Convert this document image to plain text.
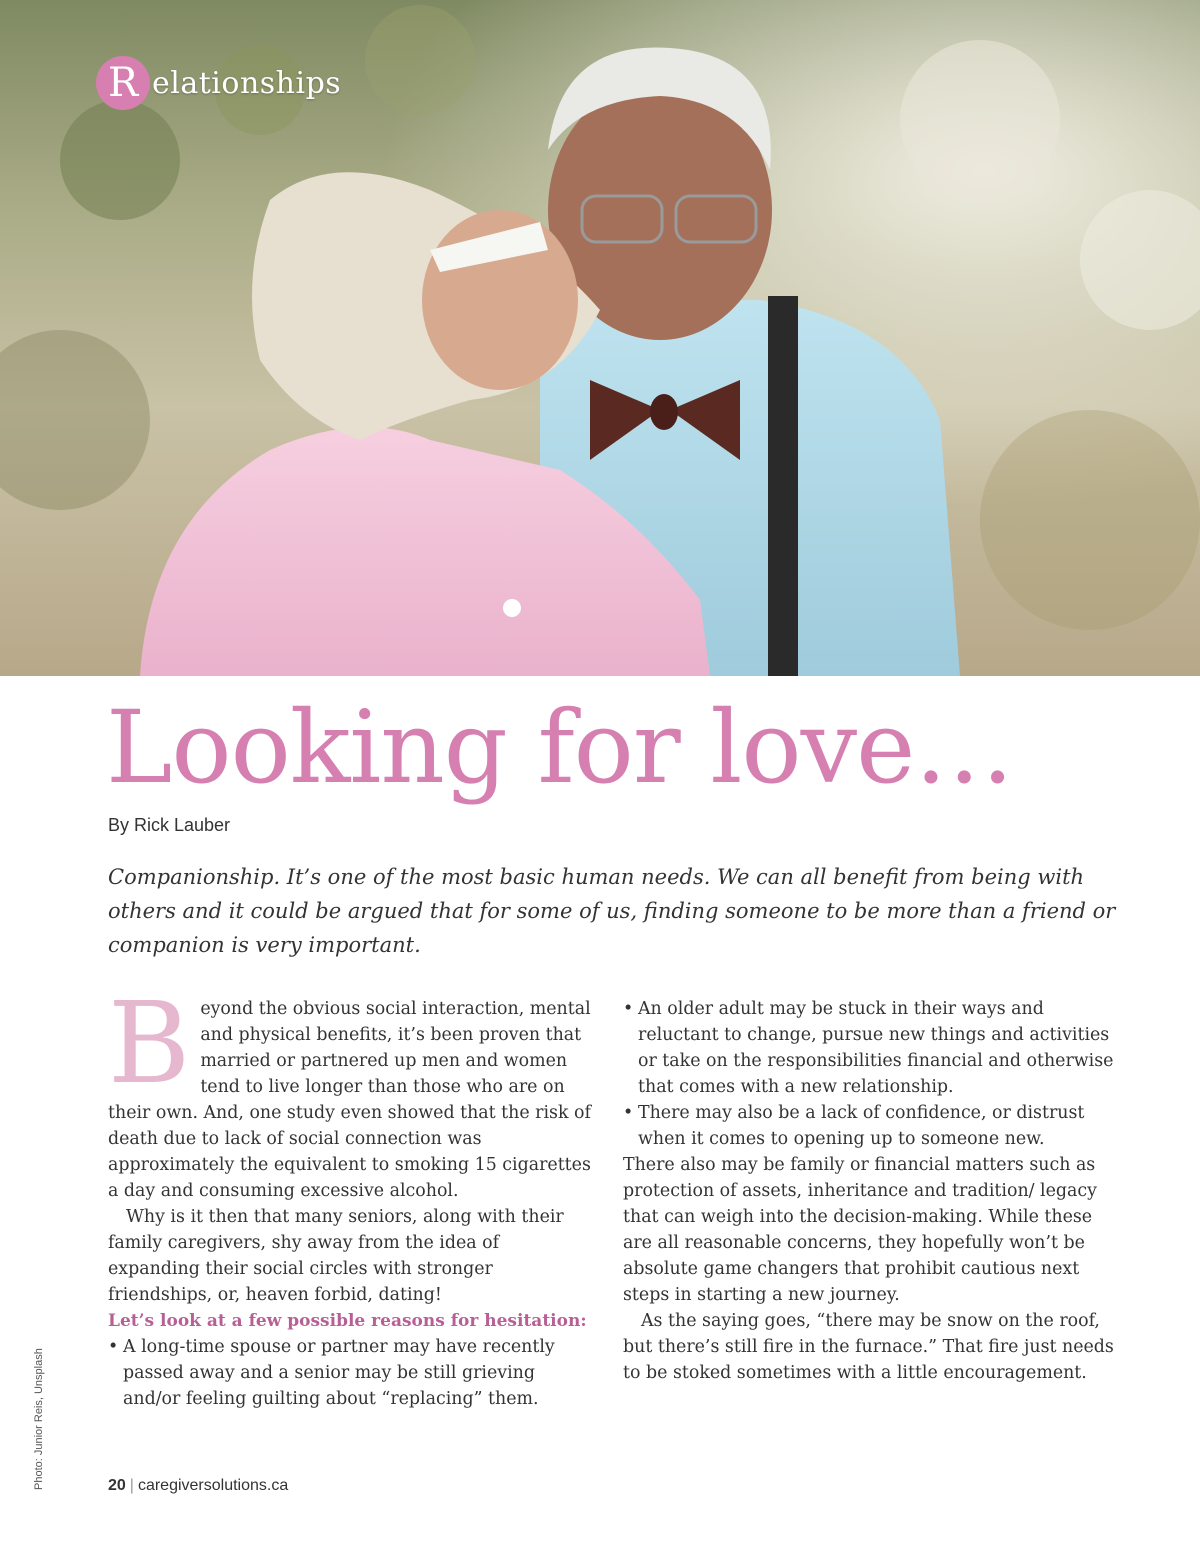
R elationships
Looking for love…
By Rick Lauber

Companionship. It’s one of the most basic human needs. We can all benefit from being with others and it could be argued that for some of us, finding someone to be more than a friend or companion is very important.

Beyond the obvious social interaction, mental and physical benefits, it’s been proven that married or partnered up men and women tend to live longer than those who are on their own. And, one study even showed that the risk of death due to lack of social connection was approximately the equivalent to smoking 15 cigarettes a day and consuming excessive alcohol.

Why is it then that many seniors, along with their family caregivers, shy away from the idea of expanding their social circles with stronger friendships, or, heaven forbid, dating!

Let’s look at a few possible reasons for hesitation:

• A long-time spouse or partner may have recently passed away and a senior may be still grieving and/or feeling guilting about “replacing” them.
• An older adult may be stuck in their ways and reluctant to change, pursue new things and activities or take on the responsibilities financial and otherwise that comes with a new relationship.
• There may also be a lack of confidence, or distrust when it comes to opening up to someone new.

There also may be family or financial matters such as protection of assets, inheritance and tradition/ legacy that can weigh into the decision-making. While these are all reasonable concerns, they hopefully won’t be absolute game changers that prohibit cautious next steps in starting a new journey.

As the saying goes, “there may be snow on the roof, but there’s still fire in the furnace.” That fire just needs to be stoked sometimes with a little encouragement.

Photo: Junior Reis, Unsplash	20 | caregiversolutions.ca
